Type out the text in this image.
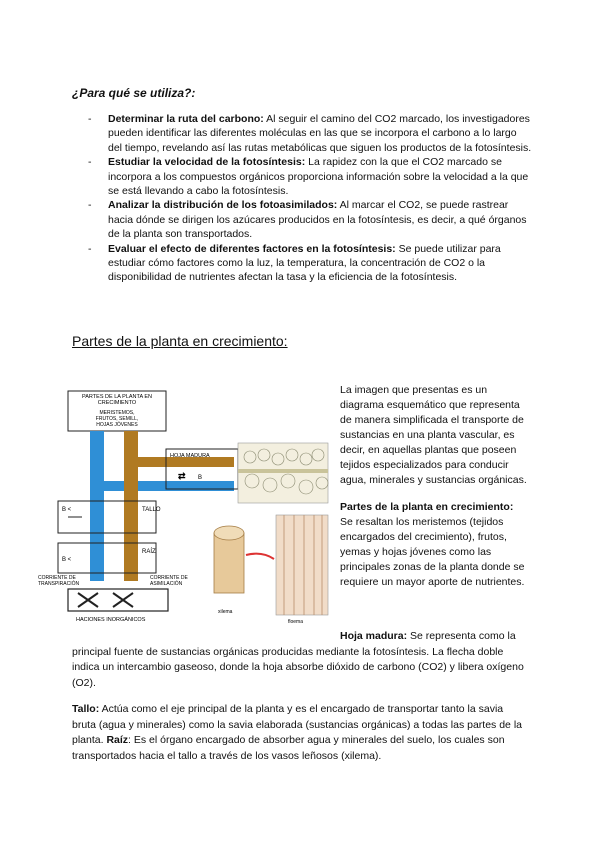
¿Para qué se utiliza?:
- Determinar la ruta del carbono: Al seguir el camino del CO2 marcado, los investigadores pueden identificar las diferentes moléculas en las que se incorpora el carbono a lo largo del tiempo, revelando así las rutas metabólicas que siguen los productos de la fotosíntesis.
- Estudiar la velocidad de la fotosíntesis: La rapidez con la que el CO2 marcado se incorpora a los compuestos orgánicos proporciona información sobre la velocidad a la que se está llevando a cabo la fotosíntesis.
- Analizar la distribución de los fotoasimilados: Al marcar el CO2, se puede rastrear hacia dónde se dirigen los azúcares producidos en la fotosíntesis, es decir, a qué órganos de la planta son transportados.
- Evaluar el efecto de diferentes factores en la fotosíntesis: Se puede utilizar para estudiar cómo factores como la luz, la temperatura, la concentración de CO2 o la disponibilidad de nutrientes afectan la tasa y la eficiencia de la fotosíntesis.
Partes de la planta en crecimiento:
PARTES DE LA PLANTA EN
CRECIMIENTO
MERISTEMOS,
FRUTOS, SEMILL,
HOJAS JÓVENES
B <	TALLO
B <
RAÍZ
HOJA MADURA
⇄ B
CORRIENTE DE
TRANSPIRACIÓN
CORRIENTE DE
ASIMILACIÓN
HACIONES INORGÁNICOS
xilema
floema

La imagen que presentas es un diagrama esquemático que representa de manera simplificada el transporte de sustancias en una planta vascular, es decir, en aquellas plantas que poseen tejidos especializados para conducir agua, minerales y sustancias orgánicas.

Partes de la planta en crecimiento: Se resaltan los meristemos (tejidos encargados del crecimiento), frutos, yemas y hojas jóvenes como las principales zonas de la planta donde se requiere un mayor aporte de nutrientes.

Hoja madura: Se representa como la principal fuente de sustancias orgánicas producidas mediante la fotosíntesis. La flecha doble indica un intercambio gaseoso, donde la hoja absorbe dióxido de carbono (CO2) y libera oxígeno (O2).
Tallo: Actúa como el eje principal de la planta y es el encargado de transportar tanto la savia bruta (agua y minerales) como la savia elaborada (sustancias orgánicas) a todas las partes de la planta. Raíz: Es el órgano encargado de absorber agua y minerales del suelo, los cuales son transportados hacia el tallo a través de los vasos leñosos (xilema).
